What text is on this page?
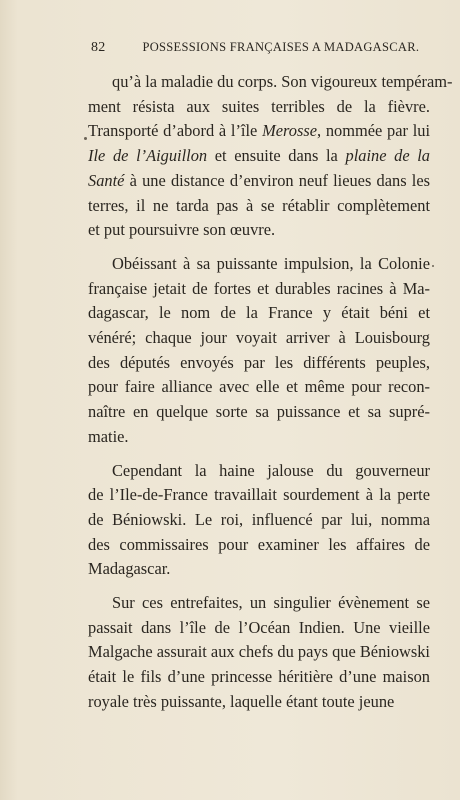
82	POSSESSIONS FRANÇAISES A MADAGASCAR.
qu’à la maladie du corps. Son vigoureux tempéram-
ment résista aux suites terribles de la fièvre.
Transporté d’abord à l’île Merosse, nommée par lui
Ile de l’Aiguillon et ensuite dans la plaine de la
Santé à une distance d’environ neuf lieues dans les
terres, il ne tarda pas à se rétablir complètement
et put poursuivre son œuvre.
Obéissant à sa puissante impulsion, la Colonie
française jetait de fortes et durables racines à Ma-
dagascar, le nom de la France y était béni et
vénéré; chaque jour voyait arriver à Louisbourg
des députés envoyés par les différents peuples,
pour faire alliance avec elle et même pour recon-
naître en quelque sorte sa puissance et sa supré-
matie.
Cependant la haine jalouse du gouverneur
de l’Ile-de-France travaillait sourdement à la perte
de Béniowski. Le roi, influencé par lui, nomma
des commissaires pour examiner les affaires de
Madagascar.
Sur ces entrefaites, un singulier évènement se
passait dans l’île de l’Océan Indien. Une vieille
Malgache assurait aux chefs du pays que Béniowski
était le fils d’une princesse héritière d’une maison
royale très puissante, laquelle étant toute jeune
